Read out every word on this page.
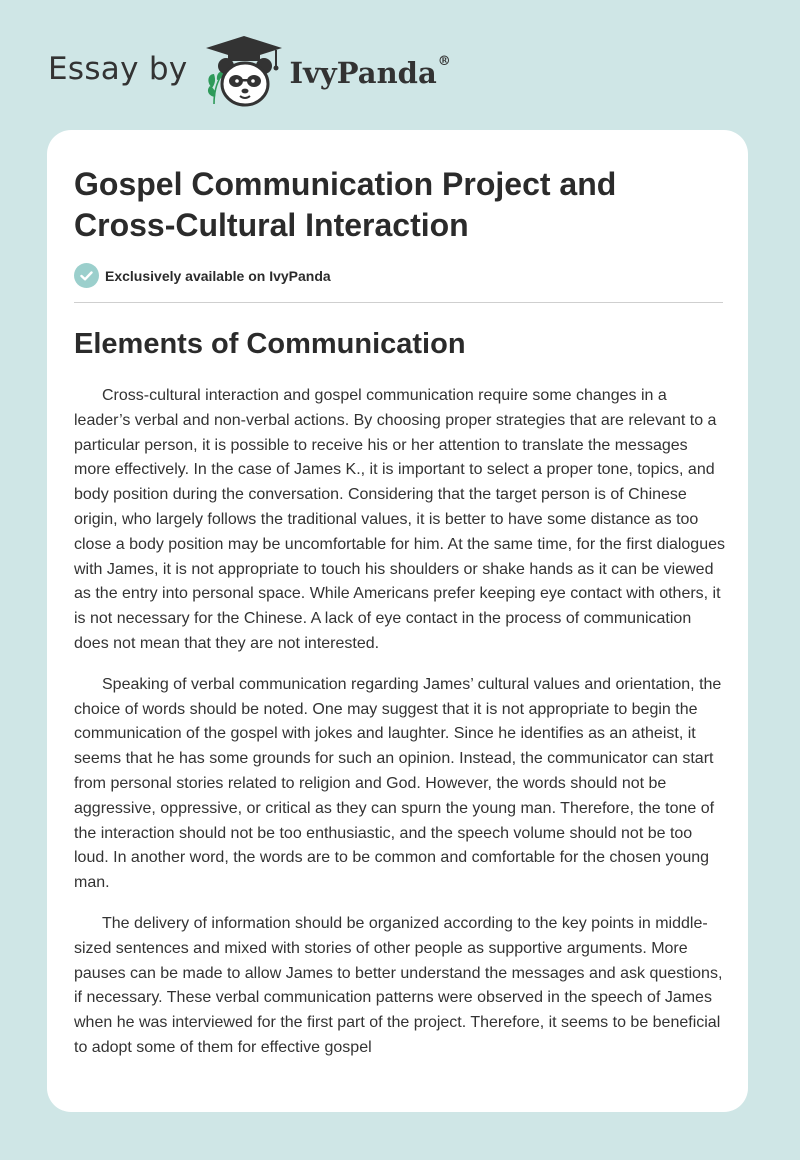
Essay by	IvyPanda®
Gospel Communication Project and Cross-Cultural Interaction
Exclusively available on IvyPanda
Elements of Communication

Cross-cultural interaction and gospel communication require some changes in a leader’s verbal and non-verbal actions. By choosing proper strategies that are relevant to a particular person, it is possible to receive his or her attention to translate the messages more effectively. In the case of James K., it is important to select a proper tone, topics, and body position during the conversation. Considering that the target person is of Chinese origin, who largely follows the traditional values, it is better to have some distance as too close a body position may be uncomfortable for him. At the same time, for the first dialogues with James, it is not appropriate to touch his shoulders or shake hands as it can be viewed as the entry into personal space. While Americans prefer keeping eye contact with others, it is not necessary for the Chinese. A lack of eye contact in the process of communication does not mean that they are not interested.

Speaking of verbal communication regarding James’ cultural values and orientation, the choice of words should be noted. One may suggest that it is not appropriate to begin the communication of the gospel with jokes and laughter. Since he identifies as an atheist, it seems that he has some grounds for such an opinion. Instead, the communicator can start from personal stories related to religion and God. However, the words should not be aggressive, oppressive, or critical as they can spurn the young man. Therefore, the tone of the interaction should not be too enthusiastic, and the speech volume should not be too loud. In another word, the words are to be common and comfortable for the chosen young man.

The delivery of information should be organized according to the key points in middle-sized sentences and mixed with stories of other people as supportive arguments. More pauses can be made to allow James to better understand the messages and ask questions, if necessary. These verbal communication patterns were observed in the speech of James when he was interviewed for the first part of the project. Therefore, it seems to be beneficial to adopt some of them for effective gospel
